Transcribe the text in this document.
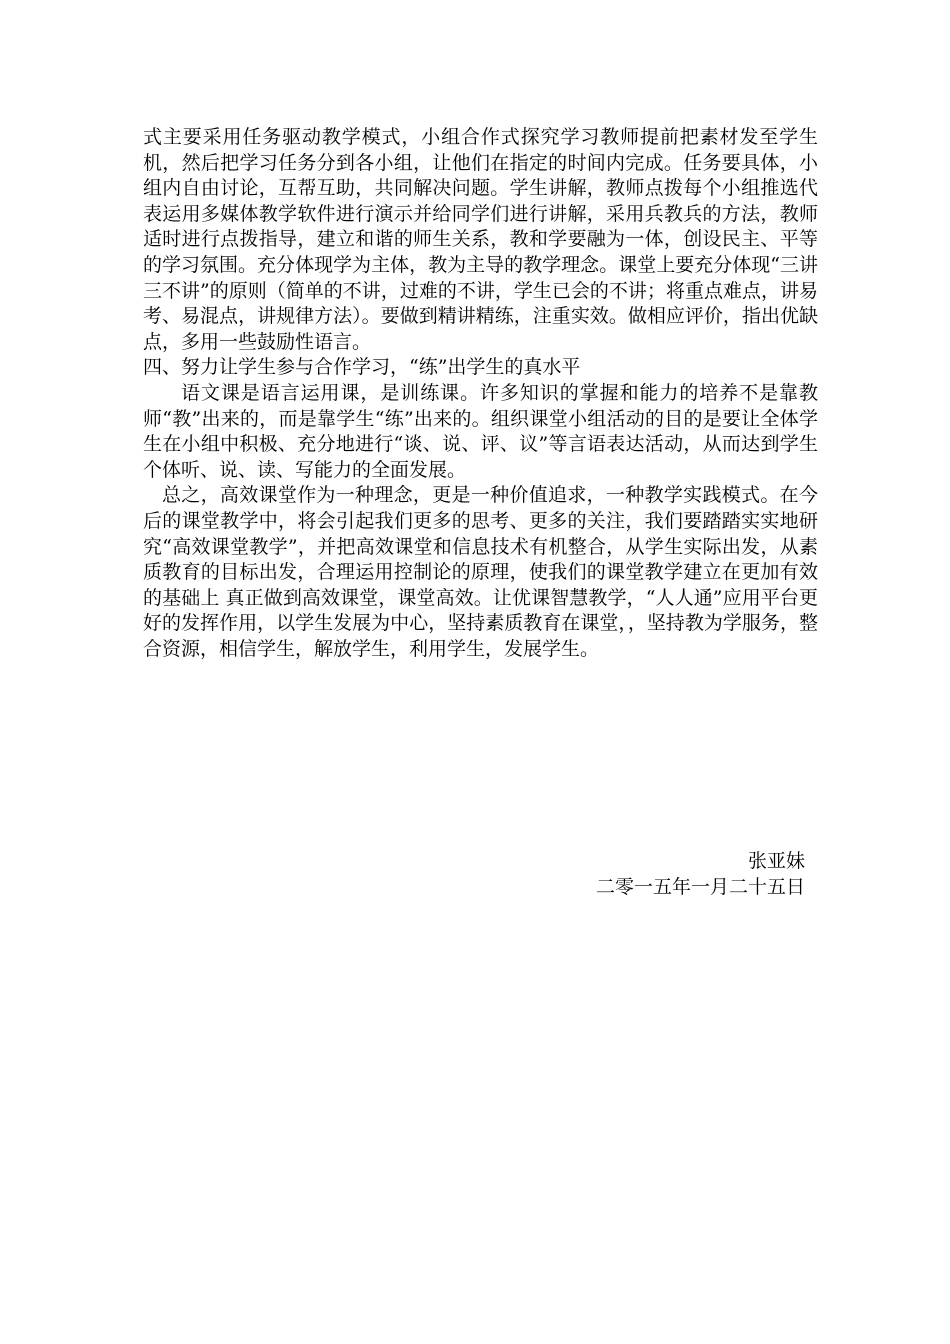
式主要采用任务驱动教学模式，小组合作式探究学习教师提前把素材发至学生机，然后把学习任务分到各小组，让他们在指定的时间内完成。任务要具体，小组内自由讨论，互帮互助，共同解决问题。学生讲解，教师点拨每个小组推选代表运用多媒体教学软件进行演示并给同学们进行讲解，采用兵教兵的方法，教师适时进行点拨指导，建立和谐的师生关系，教和学要融为一体，创设民主、平等的学习氛围。充分体现学为主体，教为主导的教学理念。课堂上要充分体现“三讲三不讲”的原则（简单的不讲，过难的不讲，学生已会的不讲；将重点难点，讲易考、易混点，讲规律方法）。要做到精讲精练，注重实效。做相应评价，指出优缺点，多用一些鼓励性语言。

四、努力让学生参与合作学习，“练”出学生的真水平

语文课是语言运用课，是训练课。许多知识的掌握和能力的培养不是靠教师“教”出来的，而是靠学生“练”出来的。组织课堂小组活动的目的是要让全体学生在小组中积极、充分地进行“谈、说、评、议”等言语表达活动，从而达到学生个体听、说、读、写能力的全面发展。

总之，高效课堂作为一种理念，更是一种价值追求，一种教学实践模式。在今后的课堂教学中，将会引起我们更多的思考、更多的关注，我们要踏踏实实地研究“高效课堂教学”，并把高效课堂和信息技术有机整合，从学生实际出发，从素质教育的目标出发，合理运用控制论的原理，使我们的课堂教学建立在更加有效的基础上 真正做到高效课堂，课堂高效。让优课智慧教学，“人人通”应用平台更好的发挥作用，以学生发展为中心，坚持素质教育在课堂，，坚持教为学服务，整合资源，相信学生，解放学生，利用学生，发展学生。

张亚妹
二零一五年一月二十五日
